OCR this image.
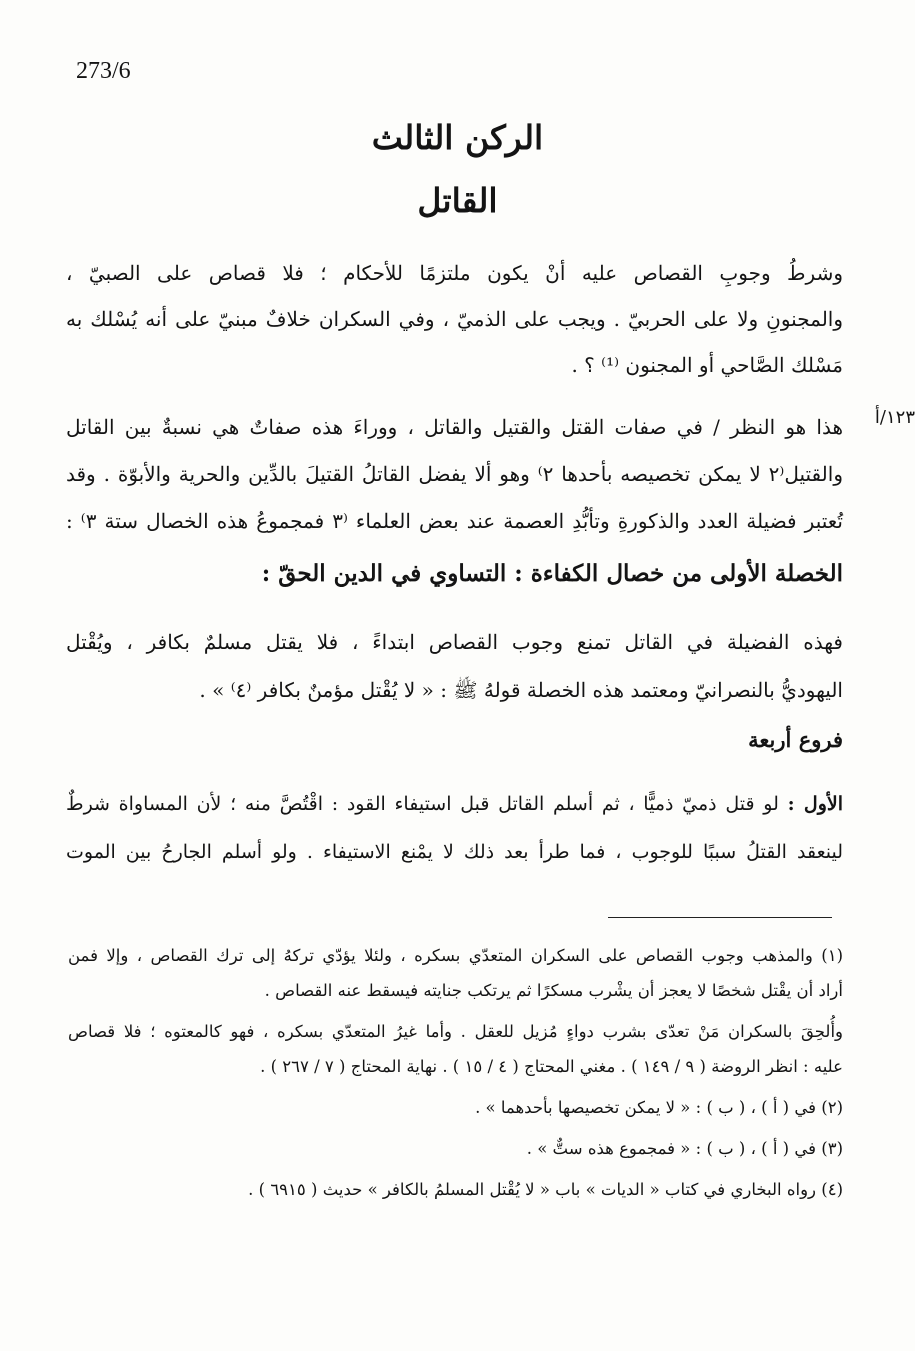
273/6
الركن الثالث
القاتل
وشرطُ وجوبِ القصاص عليه أنْ يكون ملتزمًا للأحكام ؛ فلا قصاص على الصبيّ ،
والمجنونِ ولا على الحربيّ . ويجب على الذميّ ، وفي السكران خلافٌ مبنيّ على أنه يُسْلك به
مَسْلك الصَّاحي أو المجنون ⁽¹⁾ ؟ .
١٢٣/أ
هذا هو النظر / في صفات القتل والقتيل والقاتل ، ووراءَ هذه صفاتٌ هي نسبةٌ بين القاتل
والقتيل⁽٢ لا يمكن تخصيصه بأحدها ٢⁾ وهو ألا يفضل القاتلُ القتيلَ بالدِّين والحرية والأبوّة . وقد
تُعتبر فضيلة العدد والذكورةِ وتأبُّدِ العصمة عند بعض العلماء ⁽٣ فمجموعُ هذه الخصال ستة ٣⁾ :
الخصلة الأولى من خصال الكفاءة : التساوي في الدين الحقّ :
فهذه الفضيلة في القاتل تمنع وجوب القصاص ابتداءً ، فلا يقتل مسلمٌ بكافر ، ويُقْتل
اليهوديُّ بالنصرانيّ ومعتمد هذه الخصلة قولهُ ﷺ : « لا يُقْتل مؤمنٌ بكافر ⁽٤⁾ » .
فروع أربعة
الأول : لو قتل ذميّ ذميًّا ، ثم أسلم القاتل قبل استيفاء القود : اقْتُصَّ منه ؛ لأن المساواة شرطٌ
لينعقد القتلُ سببًا للوجوب ، فما طرأ بعد ذلك لا يمْنع الاستيفاء . ولو أسلم الجارحُ بين الموت
(١) والمذهب وجوب القصاص على السكران المتعدّي بسكره ، ولئلا يؤدّي تركهُ إلى ترك القصاص ، وإلا فمن
أراد أن يقْتل شخصًا لا يعجز أن يشْرب مسكرًا ثم يرتكب جنايته فيسقط عنه القصاص .
وأُلحِقَ بالسكران مَنْ تعدّى بشرب دواءٍ مُزيل للعقل . وأما غيرُ المتعدّي بسكره ، فهو كالمعتوه ؛ فلا قصاص
عليه : انظر الروضة ( ٩ / ١٤٩ ) . مغني المحتاج ( ٤ / ١٥ ) . نهاية المحتاج ( ٧ / ٢٦٧ ) .
(٢) في ( أ ) ، ( ب ) : « لا يمكن تخصيصها بأحدهما » .
(٣) في ( أ ) ، ( ب ) : « فمجموع هذه ستٌّ » .
(٤) رواه البخاري في كتاب « الديات » باب « لا يُقْتل المسلمُ بالكافر » حديث ( ٦٩١٥ ) .
